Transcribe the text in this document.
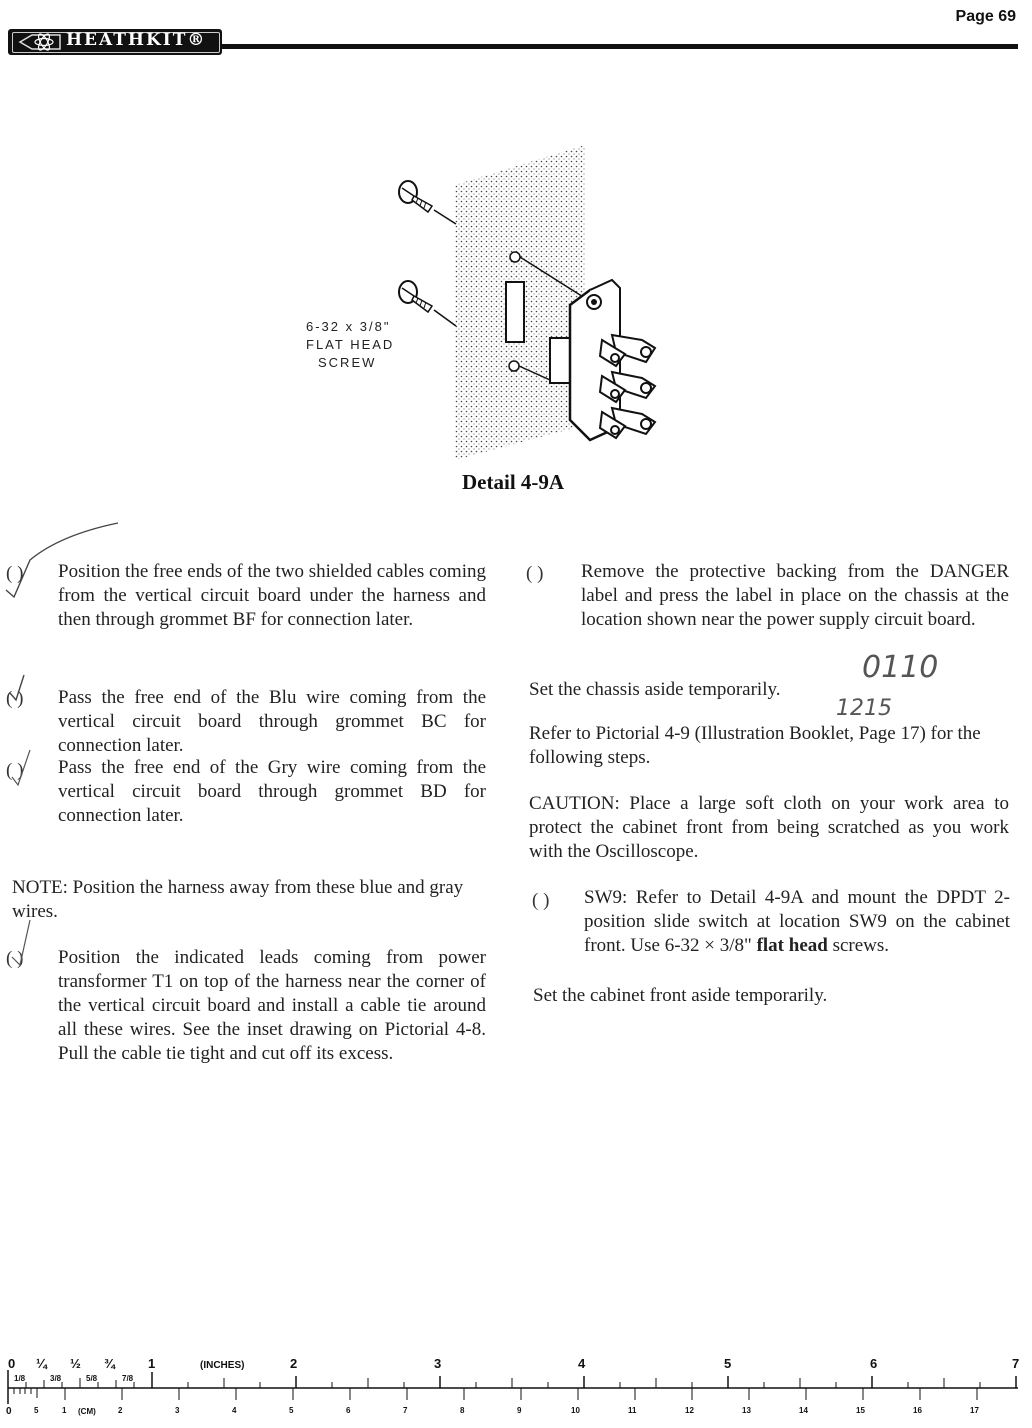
HEATHKIT®
Page 69
6-32 x 3/8"
FLAT HEAD
SCREW
Detail 4-9A
( ) Position the free ends of the two shielded cables coming from the vertical circuit board under the harness and then through grommet BF for connection later.
( ) Pass the free end of the Blu wire coming from the vertical circuit board through grommet BC for connection later.
( ) Pass the free end of the Gry wire coming from the vertical circuit board through grommet BD for connection later.
NOTE: Position the harness away from these blue and gray wires.
( ) Position the indicated leads coming from power transformer T1 on top of the harness near the corner of the vertical circuit board and install a cable tie around all these wires. See the inset drawing on Pictorial 4-8. Pull the cable tie tight and cut off its excess.
( ) Remove the protective backing from the DANGER label and press the label in place on the chassis at the location shown near the power supply circuit board.
Set the chassis aside temporarily.
0110
1215
Refer to Pictorial 4-9 (Illustration Booklet, Page 17) for the following steps.
CAUTION: Place a large soft cloth on your work area to protect the cabinet front from being scratched as you work with the Oscilloscope.
( ) SW9: Refer to Detail 4-9A and mount the DPDT 2-position slide switch at location SW9 on the cabinet front. Use 6-32 × 3/8" flat head screws.
Set the cabinet front aside temporarily.
0 ¼ ½ ¾	1	(INCHES)	2	3	4	5	6	7
1/8	3/8	5/8	7/8
0	5	1 (CM)	2	3	4	5	6	7	8	9	10	11	12	13	14	15	16	17
